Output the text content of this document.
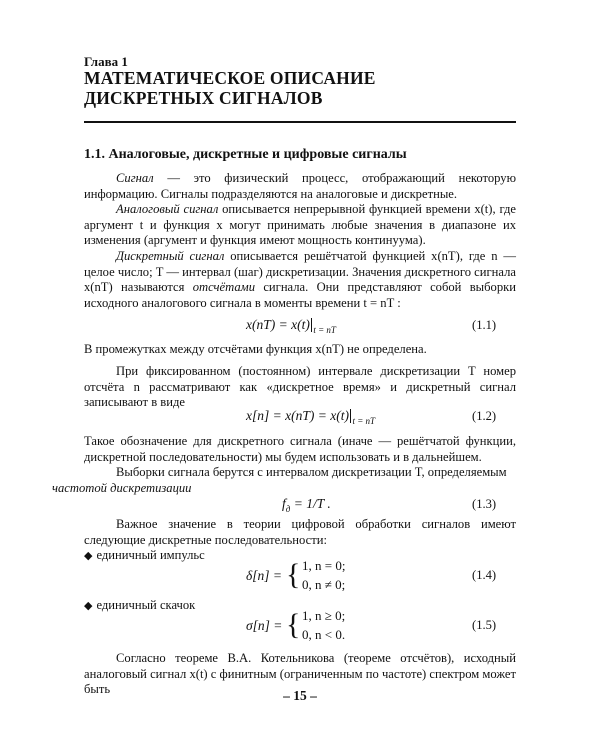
Глава 1
МАТЕМАТИЧЕСКОЕ ОПИСАНИЕ
ДИСКРЕТНЫХ СИГНАЛОВ
1.1. Аналоговые, дискретные и цифровые сигналы
Сигнал — это физический процесс, отображающий некоторую информацию. Сигналы подразделяются на аналоговые и дискретные.
Аналоговый сигнал описывается непрерывной функцией времени x(t), где аргумент t и функция x могут принимать любые значения в диапазоне их изменения (аргумент и функция имеют мощность континуума).
Дискретный сигнал описывается решётчатой функцией x(nT), где n — целое число; T — интервал (шаг) дискретизации. Значения дискретного сигнала x(nT) называются отсчётами сигнала. Они представляют собой выборки исходного аналогового сигнала в моменты времени t = nT :
x(nT) = x(t) $_{t = nT}$	(1.1)
В промежутках между отсчётами функция x(nT) не определена.
При фиксированном (постоянном) интервале дискретизации T номер отсчёта n рассматривают как «дискретное время» и дискретный сигнал записывают в виде
x[n] = x(nT) = x(t) $_{t = nT}$	(1.2)
Такое обозначение для дискретного сигнала (иначе — решётчатой функции, дискретной последовательности) мы будем использовать и в дальнейшем.
Выборки сигнала берутся с интервалом дискретизации T, определяемым
частотой дискретизации
$f_д = 1/T$ .	(1.3)
Важное значение в теории цифровой обработки сигналов имеют следующие дискретные последовательности:
◆ единичный импульс
δ[n] = { 1, n = 0;
0, n ≠ 0;
(1.4)
◆ единичный скачок
σ[n] = { 1, n ≥ 0;
0, n < 0.
(1.5)
Согласно теореме В.А. Котельникова (теореме отсчётов), исходный аналоговый сигнал x(t) с финитным (ограниченным по частоте) спектром может быть	– 15 –
